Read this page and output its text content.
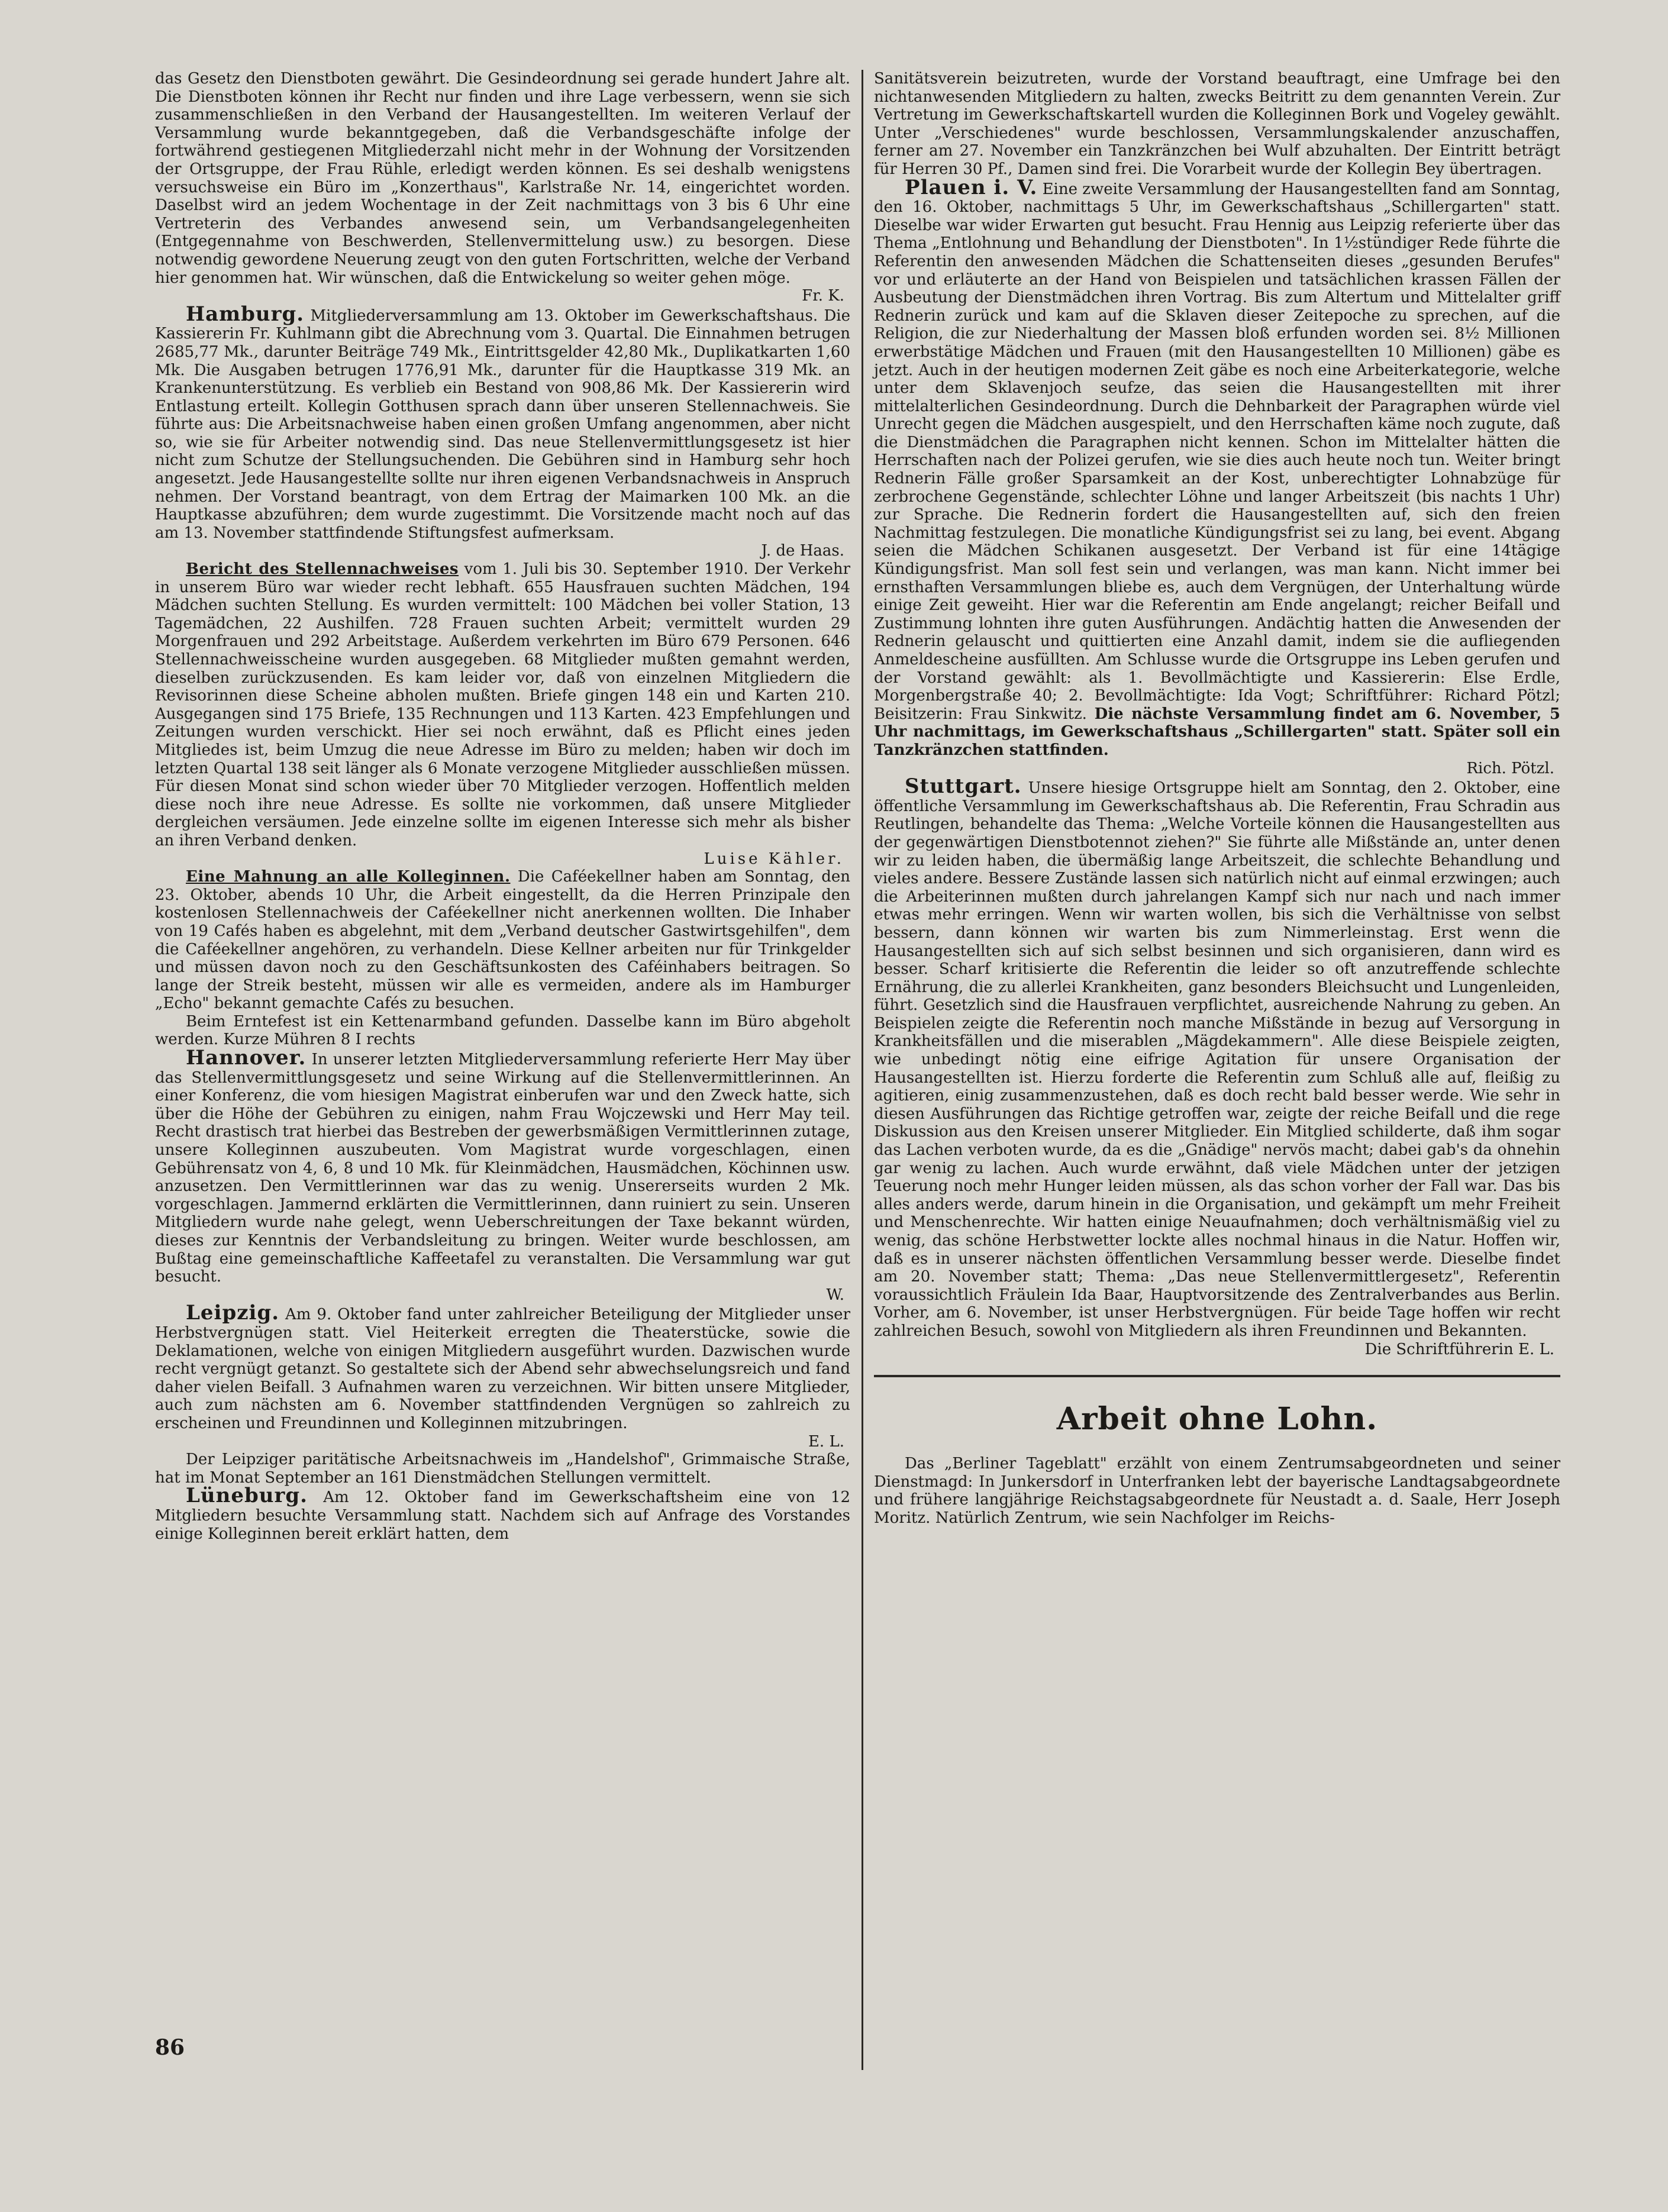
das Gesetz den Dienstboten gewährt. Die Gesindeordnung sei gerade hundert Jahre alt. Die Dienstboten können ihr Recht nur finden und ihre Lage verbessern, wenn sie sich zusammenschließen in den Verband der Hausangestellten. Im weiteren Verlauf der Versammlung wurde bekanntgegeben, daß die Verbandsgeschäfte infolge der fortwährend gestiegenen Mitgliederzahl nicht mehr in der Wohnung der Vorsitzenden der Ortsgruppe, der Frau Rühle, erledigt werden können. Es sei deshalb wenigstens versuchsweise ein Büro im „Konzerthaus", Karlstraße Nr. 14, eingerichtet worden. Daselbst wird an jedem Wochentage in der Zeit nachmittags von 3 bis 6 Uhr eine Vertreterin des Verbandes anwesend sein, um Verbandsangelegenheiten (Entgegennahme von Beschwerden, Stellenvermittelung usw.) zu besorgen. Diese notwendig gewordene Neuerung zeugt von den guten Fortschritten, welche der Verband hier genommen hat. Wir wünschen, daß die Entwickelung so weiter gehen möge.

Fr. K.

Hamburg. Mitgliederversammlung am 13. Oktober im Gewerkschaftshaus. Die Kassiererin Fr. Kuhlmann gibt die Abrechnung vom 3. Quartal. Die Einnahmen betrugen 2685,77 Mk., darunter Beiträge 749 Mk., Eintrittsgelder 42,80 Mk., Duplikatkarten 1,60 Mk. Die Ausgaben betrugen 1776,91 Mk., darunter für die Hauptkasse 319 Mk. an Krankenunterstützung. Es verblieb ein Bestand von 908,86 Mk. Der Kassiererin wird Entlastung erteilt. Kollegin Gotthusen sprach dann über unseren Stellennachweis. Sie führte aus: Die Arbeitsnachweise haben einen großen Umfang angenommen, aber nicht so, wie sie für Arbeiter notwendig sind. Das neue Stellenvermittlungsgesetz ist hier nicht zum Schutze der Stellungsuchenden. Die Gebühren sind in Hamburg sehr hoch angesetzt. Jede Hausangestellte sollte nur ihren eigenen Verbandsnachweis in Anspruch nehmen. Der Vorstand beantragt, von dem Ertrag der Maimarken 100 Mk. an die Hauptkasse abzuführen; dem wurde zugestimmt. Die Vorsitzende macht noch auf das am 13. November stattfindende Stiftungsfest aufmerksam.

J. de Haas.

Bericht des Stellennachweises vom 1. Juli bis 30. September 1910. Der Verkehr in unserem Büro war wieder recht lebhaft. 655 Hausfrauen suchten Mädchen, 194 Mädchen suchten Stellung. Es wurden vermittelt: 100 Mädchen bei voller Station, 13 Tagemädchen, 22 Aushilfen. 728 Frauen suchten Arbeit; vermittelt wurden 29 Morgenfrauen und 292 Arbeitstage. Außerdem verkehrten im Büro 679 Personen. 646 Stellennachweisscheine wurden ausgegeben. 68 Mitglieder mußten gemahnt werden, dieselben zurückzusenden. Es kam leider vor, daß von einzelnen Mitgliedern die Revisorinnen diese Scheine abholen mußten. Briefe gingen 148 ein und Karten 210. Ausgegangen sind 175 Briefe, 135 Rechnungen und 113 Karten. 423 Empfehlungen und Zeitungen wurden verschickt. Hier sei noch erwähnt, daß es Pflicht eines jeden Mitgliedes ist, beim Umzug die neue Adresse im Büro zu melden; haben wir doch im letzten Quartal 138 seit länger als 6 Monate verzogene Mitglieder ausschließen müssen. Für diesen Monat sind schon wieder über 70 Mitglieder verzogen. Hoffentlich melden diese noch ihre neue Adresse. Es sollte nie vorkommen, daß unsere Mitglieder dergleichen versäumen. Jede einzelne sollte im eigenen Interesse sich mehr als bisher an ihren Verband denken.

Luise Kähler.

Eine Mahnung an alle Kolleginnen. Die Caféekellner haben am Sonntag, den 23. Oktober, abends 10 Uhr, die Arbeit eingestellt, da die Herren Prinzipale den kostenlosen Stellennachweis der Caféekellner nicht anerkennen wollten. Die Inhaber von 19 Cafés haben es abgelehnt, mit dem „Verband deutscher Gastwirtsgehilfen", dem die Caféekellner angehören, zu verhandeln. Diese Kellner arbeiten nur für Trinkgelder und müssen davon noch zu den Geschäftsunkosten des Caféinhabers beitragen. So lange der Streik besteht, müssen wir alle es vermeiden, andere als im Hamburger „Echo" bekannt gemachte Cafés zu besuchen.

Beim Erntefest ist ein Kettenarmband gefunden. Dasselbe kann im Büro abgeholt werden. Kurze Mühren 8 I rechts

Hannover. In unserer letzten Mitgliederversammlung referierte Herr May über das Stellenvermittlungsgesetz und seine Wirkung auf die Stellenvermittlerinnen. An einer Konferenz, die vom hiesigen Magistrat einberufen war und den Zweck hatte, sich über die Höhe der Gebühren zu einigen, nahm Frau Wojczewski und Herr May teil. Recht drastisch trat hierbei das Bestreben der gewerbsmäßigen Vermittlerinnen zutage, unsere Kolleginnen auszubeuten. Vom Magistrat wurde vorgeschlagen, einen Gebührensatz von 4, 6, 8 und 10 Mk. für Kleinmädchen, Hausmädchen, Köchinnen usw. anzusetzen. Den Vermittlerinnen war das zu wenig. Unsererseits wurden 2 Mk. vorgeschlagen. Jammernd erklärten die Vermittlerinnen, dann ruiniert zu sein. Unseren Mitgliedern wurde nahe gelegt, wenn Ueberschreitungen der Taxe bekannt würden, dieses zur Kenntnis der Verbandsleitung zu bringen. Weiter wurde beschlossen, am Bußtag eine gemeinschaftliche Kaffeetafel zu veranstalten. Die Versammlung war gut besucht.

W.

Leipzig. Am 9. Oktober fand unter zahlreicher Beteiligung der Mitglieder unser Herbstvergnügen statt. Viel Heiterkeit erregten die Theaterstücke, sowie die Deklamationen, welche von einigen Mitgliedern ausgeführt wurden. Dazwischen wurde recht vergnügt getanzt. So gestaltete sich der Abend sehr abwechselungsreich und fand daher vielen Beifall. 3 Aufnahmen waren zu verzeichnen. Wir bitten unsere Mitglieder, auch zum nächsten am 6. November stattfindenden Vergnügen so zahlreich zu erscheinen und Freundinnen und Kolleginnen mitzubringen.

E. L.

Der Leipziger paritätische Arbeitsnachweis im „Handelshof", Grimmaische Straße, hat im Monat September an 161 Dienstmädchen Stellungen vermittelt.

Lüneburg. Am 12. Oktober fand im Gewerkschaftsheim eine von 12 Mitgliedern besuchte Versammlung statt. Nachdem sich auf Anfrage des Vorstandes einige Kolleginnen bereit erklärt hatten, dem

Sanitätsverein beizutreten, wurde der Vorstand beauftragt, eine Umfrage bei den nichtanwesenden Mitgliedern zu halten, zwecks Beitritt zu dem genannten Verein. Zur Vertretung im Gewerkschaftskartell wurden die Kolleginnen Bork und Vogeley gewählt. Unter „Verschiedenes" wurde beschlossen, Versammlungskalender anzuschaffen, ferner am 27. November ein Tanzkränzchen bei Wulf abzuhalten. Der Eintritt beträgt für Herren 30 Pf., Damen sind frei. Die Vorarbeit wurde der Kollegin Bey übertragen.

Plauen i. V. Eine zweite Versammlung der Hausangestellten fand am Sonntag, den 16. Oktober, nachmittags 5 Uhr, im Gewerkschaftshaus „Schillergarten" statt. Dieselbe war wider Erwarten gut besucht. Frau Hennig aus Leipzig referierte über das Thema „Entlohnung und Behandlung der Dienstboten". In 1½stündiger Rede führte die Referentin den anwesenden Mädchen die Schattenseiten dieses „gesunden Berufes" vor und erläuterte an der Hand von Beispielen und tatsächlichen krassen Fällen der Ausbeutung der Dienstmädchen ihren Vortrag. Bis zum Altertum und Mittelalter griff Rednerin zurück und kam auf die Sklaven dieser Zeitepoche zu sprechen, auf die Religion, die zur Niederhaltung der Massen bloß erfunden worden sei. 8½ Millionen erwerbstätige Mädchen und Frauen (mit den Hausangestellten 10 Millionen) gäbe es jetzt. Auch in der heutigen modernen Zeit gäbe es noch eine Arbeiterkategorie, welche unter dem Sklavenjoch seufze, das seien die Hausangestellten mit ihrer mittelalterlichen Gesindeordnung. Durch die Dehnbarkeit der Paragraphen würde viel Unrecht gegen die Mädchen ausgespielt, und den Herrschaften käme noch zugute, daß die Dienstmädchen die Paragraphen nicht kennen. Schon im Mittelalter hätten die Herrschaften nach der Polizei gerufen, wie sie dies auch heute noch tun. Weiter bringt Rednerin Fälle großer Sparsamkeit an der Kost, unberechtigter Lohnabzüge für zerbrochene Gegenstände, schlechter Löhne und langer Arbeitszeit (bis nachts 1 Uhr) zur Sprache. Die Rednerin fordert die Hausangestellten auf, sich den freien Nachmittag festzulegen. Die monatliche Kündigungsfrist sei zu lang, bei event. Abgang seien die Mädchen Schikanen ausgesetzt. Der Verband ist für eine 14tägige Kündigungsfrist. Man soll fest sein und verlangen, was man kann. Nicht immer bei ernsthaften Versammlungen bliebe es, auch dem Vergnügen, der Unterhaltung würde einige Zeit geweiht. Hier war die Referentin am Ende angelangt; reicher Beifall und Zustimmung lohnten ihre guten Ausführungen. Andächtig hatten die Anwesenden der Rednerin gelauscht und quittierten eine Anzahl damit, indem sie die aufliegenden Anmeldescheine ausfüllten. Am Schlusse wurde die Ortsgruppe ins Leben gerufen und der Vorstand gewählt: als 1. Bevollmächtigte und Kassiererin: Else Erdle, Morgenbergstraße 40; 2. Bevollmächtigte: Ida Vogt; Schriftführer: Richard Pötzl; Beisitzerin: Frau Sinkwitz. Die nächste Versammlung findet am 6. November, 5 Uhr nachmittags, im Gewerkschaftshaus „Schillergarten" statt. Später soll ein Tanzkränzchen stattfinden.

Rich. Pötzl.

Stuttgart. Unsere hiesige Ortsgruppe hielt am Sonntag, den 2. Oktober, eine öffentliche Versammlung im Gewerkschaftshaus ab. Die Referentin, Frau Schradin aus Reutlingen, behandelte das Thema: „Welche Vorteile können die Hausangestellten aus der gegenwärtigen Dienstbotennot ziehen?" Sie führte alle Mißstände an, unter denen wir zu leiden haben, die übermäßig lange Arbeitszeit, die schlechte Behandlung und vieles andere. Bessere Zustände lassen sich natürlich nicht auf einmal erzwingen; auch die Arbeiterinnen mußten durch jahrelangen Kampf sich nur nach und nach immer etwas mehr erringen. Wenn wir warten wollen, bis sich die Verhältnisse von selbst bessern, dann können wir warten bis zum Nimmerleinstag. Erst wenn die Hausangestellten sich auf sich selbst besinnen und sich organisieren, dann wird es besser. Scharf kritisierte die Referentin die leider so oft anzutreffende schlechte Ernährung, die zu allerlei Krankheiten, ganz besonders Bleichsucht und Lungenleiden, führt. Gesetzlich sind die Hausfrauen verpflichtet, ausreichende Nahrung zu geben. An Beispielen zeigte die Referentin noch manche Mißstände in bezug auf Versorgung in Krankheitsfällen und die miserablen „Mägdekammern". Alle diese Beispiele zeigten, wie unbedingt nötig eine eifrige Agitation für unsere Organisation der Hausangestellten ist. Hierzu forderte die Referentin zum Schluß alle auf, fleißig zu agitieren, einig zusammenzustehen, daß es doch recht bald besser werde. Wie sehr in diesen Ausführungen das Richtige getroffen war, zeigte der reiche Beifall und die rege Diskussion aus den Kreisen unserer Mitglieder. Ein Mitglied schilderte, daß ihm sogar das Lachen verboten wurde, da es die „Gnädige" nervös macht; dabei gab's da ohnehin gar wenig zu lachen. Auch wurde erwähnt, daß viele Mädchen unter der jetzigen Teuerung noch mehr Hunger leiden müssen, als das schon vorher der Fall war. Das bis alles anders werde, darum hinein in die Organisation, und gekämpft um mehr Freiheit und Menschenrechte. Wir hatten einige Neuaufnahmen; doch verhältnismäßig viel zu wenig, das schöne Herbstwetter lockte alles nochmal hinaus in die Natur. Hoffen wir, daß es in unserer nächsten öffentlichen Versammlung besser werde. Dieselbe findet am 20. November statt; Thema: „Das neue Stellenvermittlergesetz", Referentin voraussichtlich Fräulein Ida Baar, Hauptvorsitzende des Zentralverbandes aus Berlin. Vorher, am 6. November, ist unser Herbstvergnügen. Für beide Tage hoffen wir recht zahlreichen Besuch, sowohl von Mitgliedern als ihren Freundinnen und Bekannten.

Die Schriftführerin E. L.
Arbeit ohne Lohn.

Das „Berliner Tageblatt" erzählt von einem Zentrumsabgeordneten und seiner Dienstmagd: In Junkersdorf in Unterfranken lebt der bayerische Landtagsabgeordnete und frühere langjährige Reichstagsabgeordnete für Neustadt a. d. Saale, Herr Joseph Moritz. Natürlich Zentrum, wie sein Nachfolger im Reichs-

86
